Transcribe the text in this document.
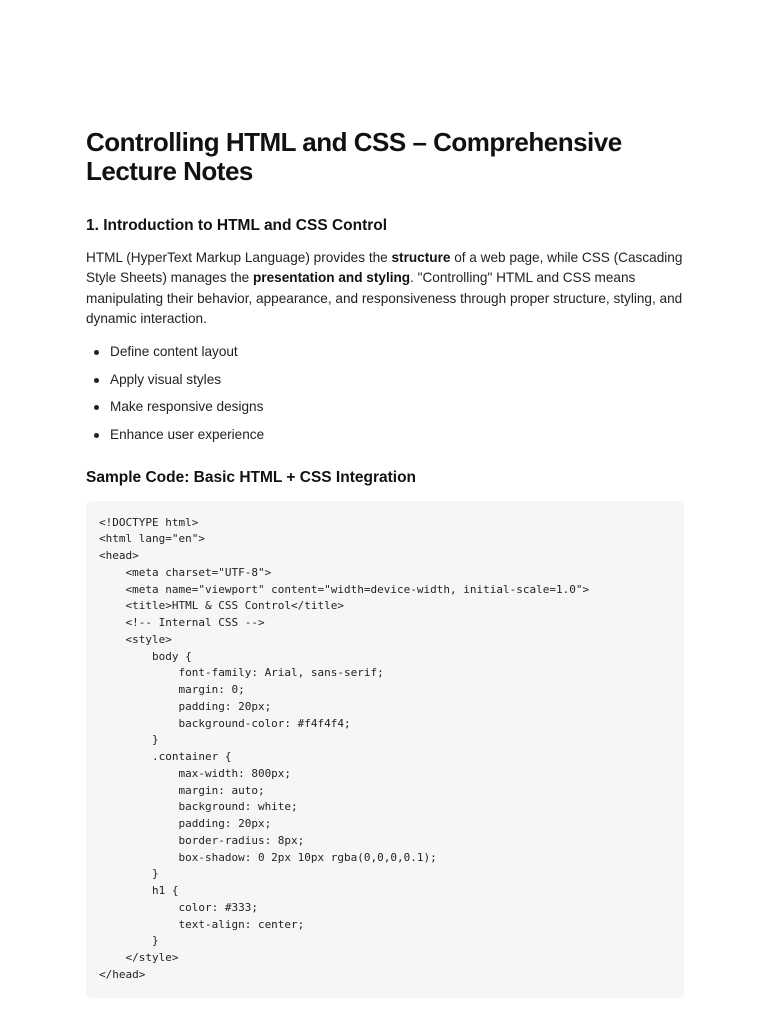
Controlling HTML and CSS – Comprehensive Lecture Notes
1. Introduction to HTML and CSS Control

HTML (HyperText Markup Language) provides the structure of a web page, while CSS (Cascading Style Sheets) manages the presentation and styling. "Controlling" HTML and CSS means manipulating their behavior, appearance, and responsiveness through proper structure, styling, and dynamic interaction.

Define content layout
Apply visual styles
Make responsive designs
Enhance user experience
Sample Code: Basic HTML + CSS Integration
<!DOCTYPE html>
<html lang="en">
<head>
<meta charset="UTF-8">
<meta name="viewport" content="width=device-width, initial-scale=1.0">
<title>HTML & CSS Control</title>
<!-- Internal CSS -->
<style>
body {
font-family: Arial, sans-serif;
margin: 0;
padding: 20px;
background-color: #f4f4f4;
}
.container {
max-width: 800px;
margin: auto;
background: white;
padding: 20px;
border-radius: 8px;
box-shadow: 0 2px 10px rgba(0,0,0,0.1);
}
h1 {
color: #333;
text-align: center;
}
</style>
</head>
